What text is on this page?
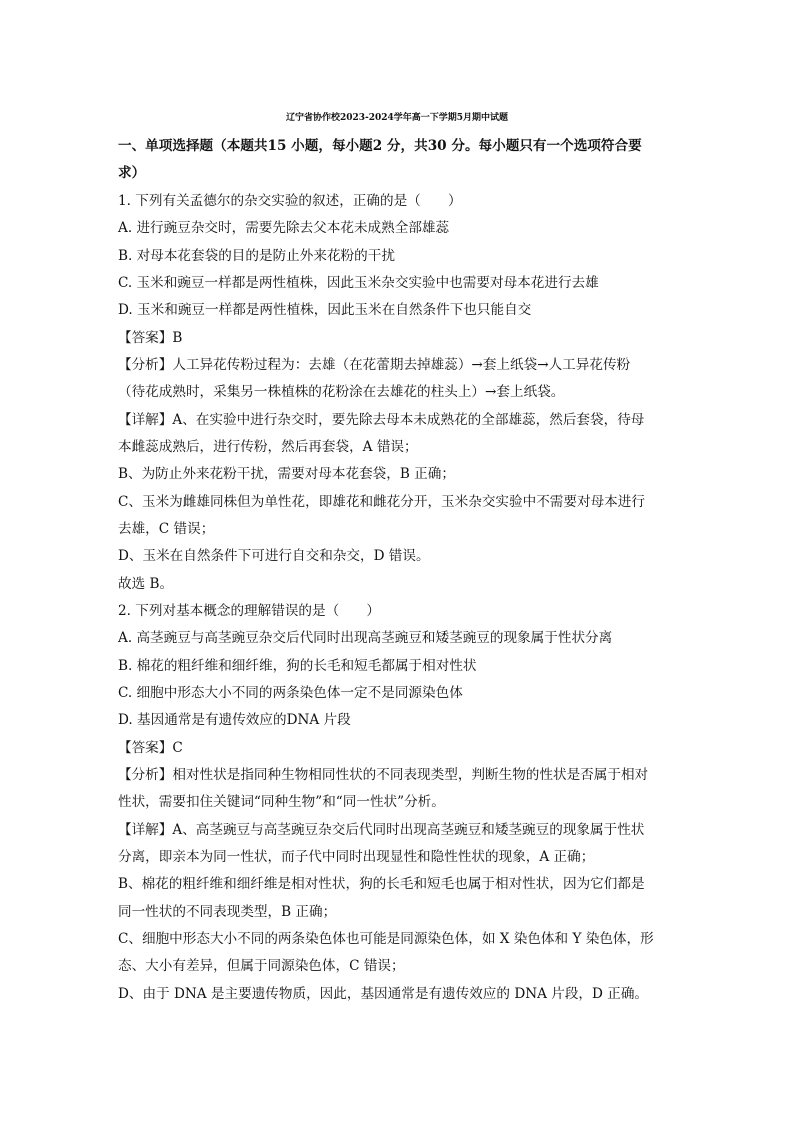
辽宁省协作校2023-2024学年高一下学期5月期中试题
一、单项选择题（本题共15 小题，每小题2 分，共30 分。每小题只有一个选项符合要
求）
1. 下列有关孟德尔的杂交实验的叙述，正确的是（　　）
A. 进行豌豆杂交时，需要先除去父本花未成熟全部雄蕊
B. 对母本花套袋的目的是防止外来花粉的干扰
C. 玉米和豌豆一样都是两性植株，因此玉米杂交实验中也需要对母本花进行去雄
D. 玉米和豌豆一样都是两性植株，因此玉米在自然条件下也只能自交
【答案】B
【分析】人工异花传粉过程为：去雄（在花蕾期去掉雄蕊）→套上纸袋→人工异花传粉
（待花成熟时，采集另一株植株的花粉涂在去雄花的柱头上）→套上纸袋。
【详解】A、在实验中进行杂交时，要先除去母本未成熟花的全部雄蕊，然后套袋，待母
本雌蕊成熟后，进行传粉，然后再套袋，A 错误；
B、为防止外来花粉干扰，需要对母本花套袋，B 正确；
C、玉米为雌雄同株但为单性花，即雄花和雌花分开，玉米杂交实验中不需要对母本进行
去雄，C 错误；
D、玉米在自然条件下可进行自交和杂交，D 错误。
故选 B。
2. 下列对基本概念的理解错误的是（　　）
A. 高茎豌豆与高茎豌豆杂交后代同时出现高茎豌豆和矮茎豌豆的现象属于性状分离
B. 棉花的粗纤维和细纤维，狗的长毛和短毛都属于相对性状
C. 细胞中形态大小不同的两条染色体一定不是同源染色体
D. 基因通常是有遗传效应的DNA 片段
【答案】C
【分析】相对性状是指同种生物相同性状的不同表现类型，判断生物的性状是否属于相对
性状，需要扣住关键词“同种生物”和“同一性状”分析。
【详解】A、高茎豌豆与高茎豌豆杂交后代同时出现高茎豌豆和矮茎豌豆的现象属于性状
分离，即亲本为同一性状，而子代中同时出现显性和隐性性状的现象，A 正确；
B、棉花的粗纤维和细纤维是相对性状，狗的长毛和短毛也属于相对性状，因为它们都是
同一性状的不同表现类型，B 正确；
C、细胞中形态大小不同的两条染色体也可能是同源染色体，如 X 染色体和 Y 染色体，形
态、大小有差异，但属于同源染色体，C 错误；
D、由于 DNA 是主要遗传物质，因此，基因通常是有遗传效应的 DNA 片段，D 正确。
